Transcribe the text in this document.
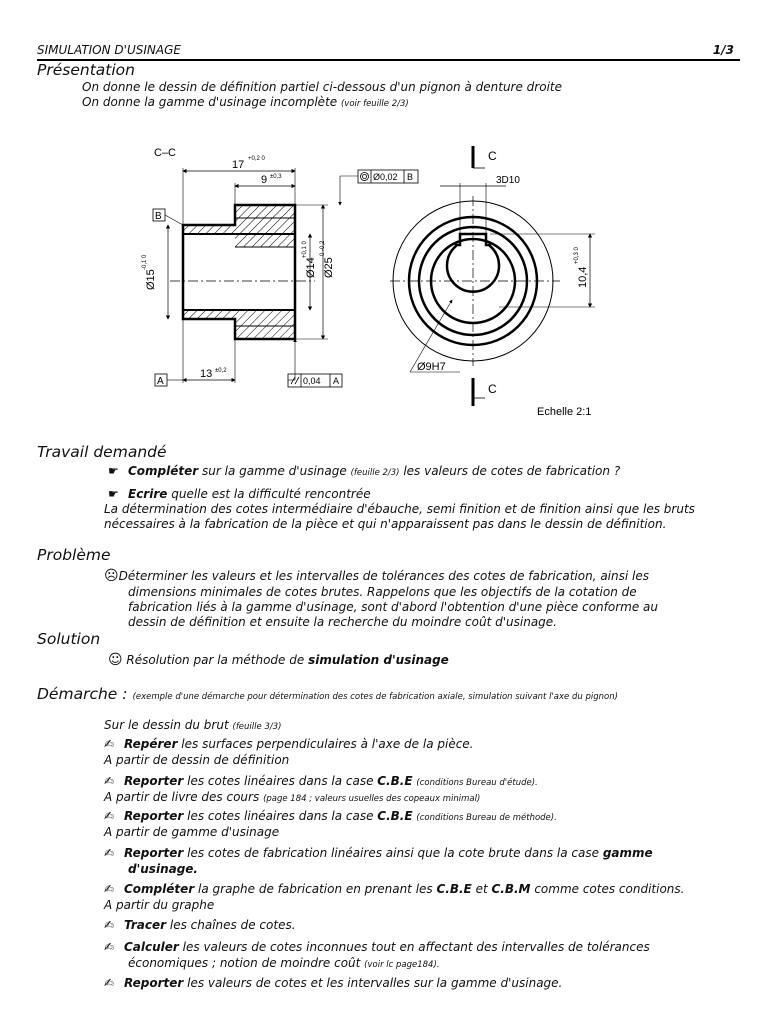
SIMULATION D'USINAGE	1/3
Présentation
On donne le dessin de définition partiel ci-dessous d'un pignon à denture droite
On donne la gamme d'usinage incomplète (voir feuille 2/3)
17 +0,2 0
9 ±0,3
13 ±0,2
Ø15
-0,1 0	Ø14
+0,1 0
Ø25
0 -0,2
C–C
B
A
Ø0,02 B
0,04 A
C
C
3D10
10,4
+0,3 0
Ø9H7
Echelle 2:1
Travail demandé
☛ Compléter sur la gamme d'usinage (feuille 2/3) les valeurs de cotes de fabrication ?
☛ Ecrire quelle est la difficulté rencontrée
La détermination des cotes intermédiaire d'ébauche, semi finition et de finition ainsi que les bruts nécessaires à la fabrication de la pièce et qui n'apparaissent pas dans le dessin de définition.
Problème
☹Déterminer les valeurs et les intervalles de tolérances des cotes de fabrication, ainsi les
dimensions minimales de cotes brutes. Rappelons que les objectifs de la cotation de
fabrication liés à la gamme d'usinage, sont d'abord l'obtention d'une pièce conforme au
dessin de définition et ensuite la recherche du moindre coût d'usinage.
Solution
☺ Résolution par la méthode de simulation d'usinage
Démarche : (exemple d'une démarche pour détermination des cotes de fabrication axiale, simulation suivant l'axe du pignon)
Sur le dessin du brut (feuille 3/3)
✍ Repérer les surfaces perpendiculaires à l'axe de la pièce.
A partir de dessin de définition
✍ Reporter les cotes linéaires dans la case C.B.E (conditions Bureau d'étude).
A partir de livre des cours (page 184 ; valeurs usuelles des copeaux minimal)
✍ Reporter les cotes linéaires dans la case C.B.E (conditions Bureau de méthode).
A partir de gamme d'usinage
✍ Reporter les cotes de fabrication linéaires ainsi que la cote brute dans la case gamme
d'usinage.
✍ Compléter la graphe de fabrication en prenant les C.B.E et C.B.M comme cotes conditions.
A partir du graphe
✍ Tracer les chaînes de cotes.
✍ Calculer les valeurs de cotes inconnues tout en affectant des intervalles de tolérances
économiques ; notion de moindre coût (voir lc page184).
✍ Reporter les valeurs de cotes et les intervalles sur la gamme d'usinage.
